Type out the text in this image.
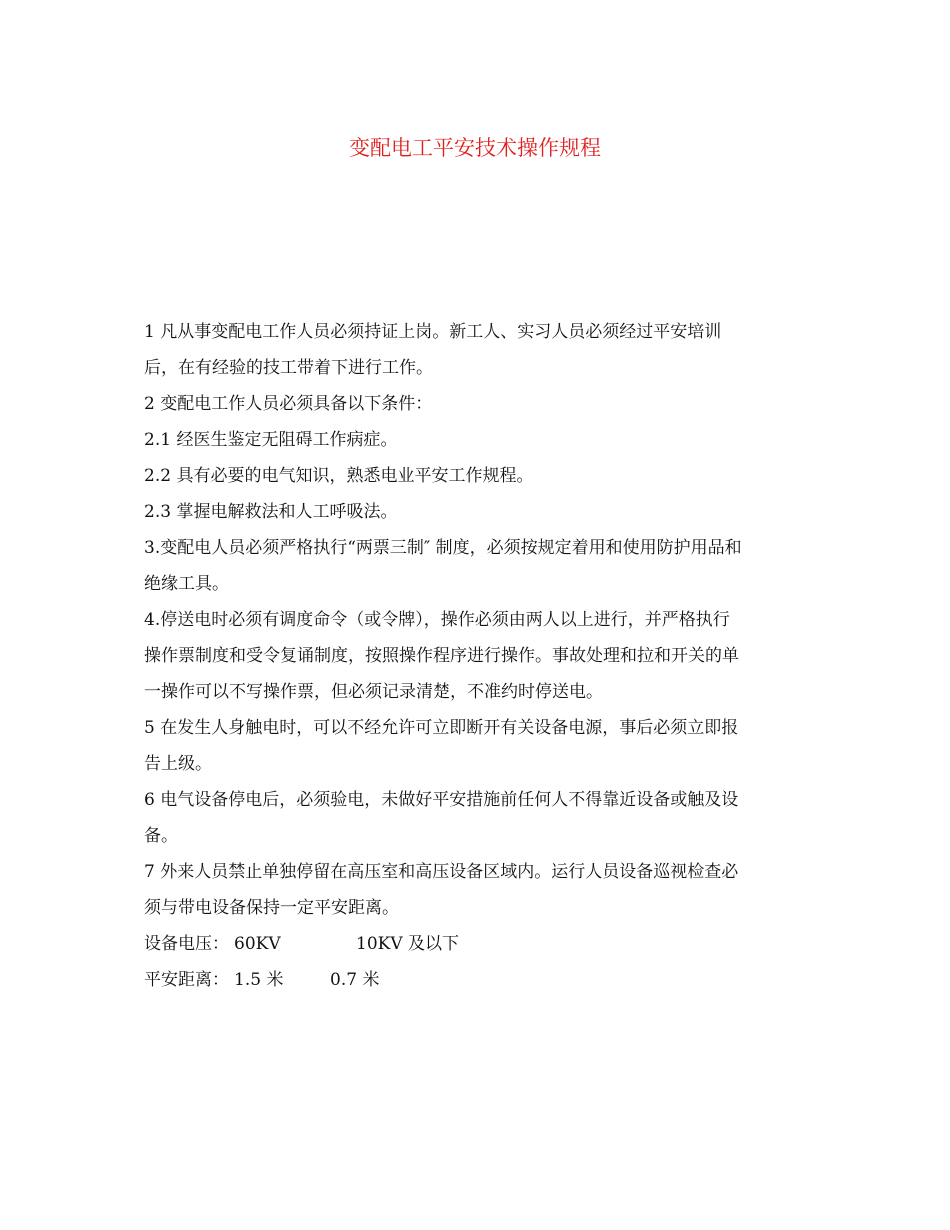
变配电工平安技术操作规程

1 凡从事变配电工作人员必须持证上岗。新工人、实习人员必须经过平安培训

后，在有经验的技工带着下进行工作。

2 变配电工作人员必须具备以下条件：

2.1 经医生鉴定无阻碍工作病症。

2.2 具有必要的电气知识，熟悉电业平安工作规程。

2.3 掌握电解救法和人工呼吸法。

3.变配电人员必须严格执行“两票三制″ 制度，必须按规定着用和使用防护用品和

绝缘工具。

4.停送电时必须有调度命令（或令牌），操作必须由两人以上进行，并严格执行

操作票制度和受令复诵制度，按照操作程序进行操作。事故处理和拉和开关的单

一操作可以不写操作票，但必须记录清楚，不准约时停送电。

5 在发生人身触电时，可以不经允许可立即断开有关设备电源，事后必须立即报

告上级。

6 电气设备停电后，必须验电，未做好平安措施前任何人不得靠近设备或触及设

备。

7 外来人员禁止单独停留在高压室和高压设备区域内。运行人员设备巡视检查必

须与带电设备保持一定平安距离。

设备电压： 60KV	10KV 及以下
平安距离： 1.5 米	0.7 米
